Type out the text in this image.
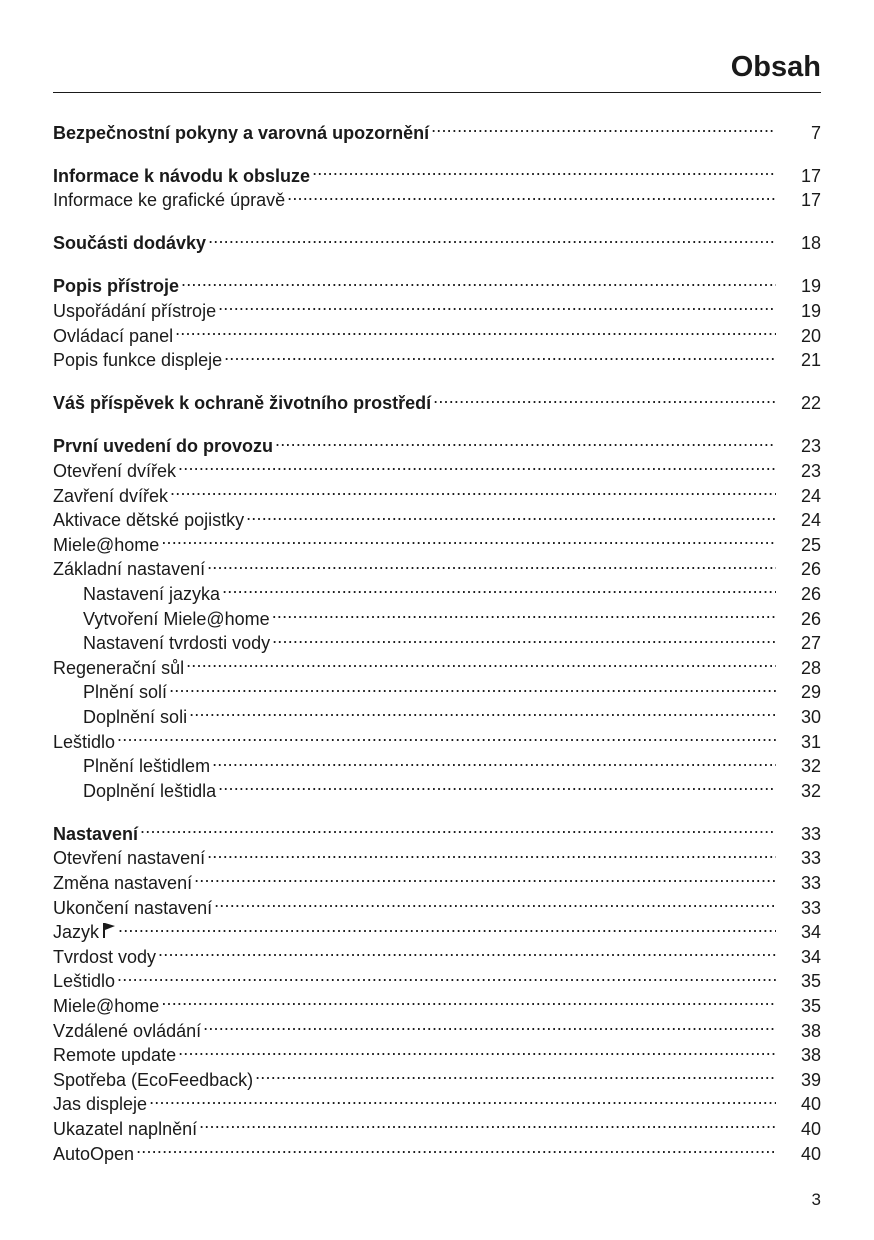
Obsah
Bezpečnostní pokyny a varovná upozornění .....	7
Informace k návodu k obsluze .....	17
Informace ke grafické úpravě .....	17
Součásti dodávky .....	18
Popis přístroje .....	19
Uspořádání přístroje .....	19
Ovládací panel .....	20
Popis funkce displeje .....	21
Váš příspěvek k ochraně životního prostředí .....	22
První uvedení do provozu .....	23
Otevření dvířek .....	23
Zavření dvířek .....	24
Aktivace dětské pojistky .....	24
Miele@home .....	25
Základní nastavení .....	26
Nastavení jazyka .....	26
Vytvoření Miele@home .....	26
Nastavení tvrdosti vody .....	27
Regenerační sůl .....	28
Plnění solí .....	29
Doplnění soli .....	30
Leštidlo .....	31
Plnění leštidlem .....	32
Doplnění leštidla .....	32
Nastavení .....	33
Otevření nastavení .....	33
Změna nastavení .....	33
Ukončení nastavení .....	33
Jazyk .....	34
Tvrdost vody .....	34
Leštidlo .....	35
Miele@home .....	35
Vzdálené ovládání .....	38
Remote update .....	38
Spotřeba (EcoFeedback) .....	39
Jas displeje .....	40
Ukazatel naplnění .....	40
AutoOpen .....	40
3
